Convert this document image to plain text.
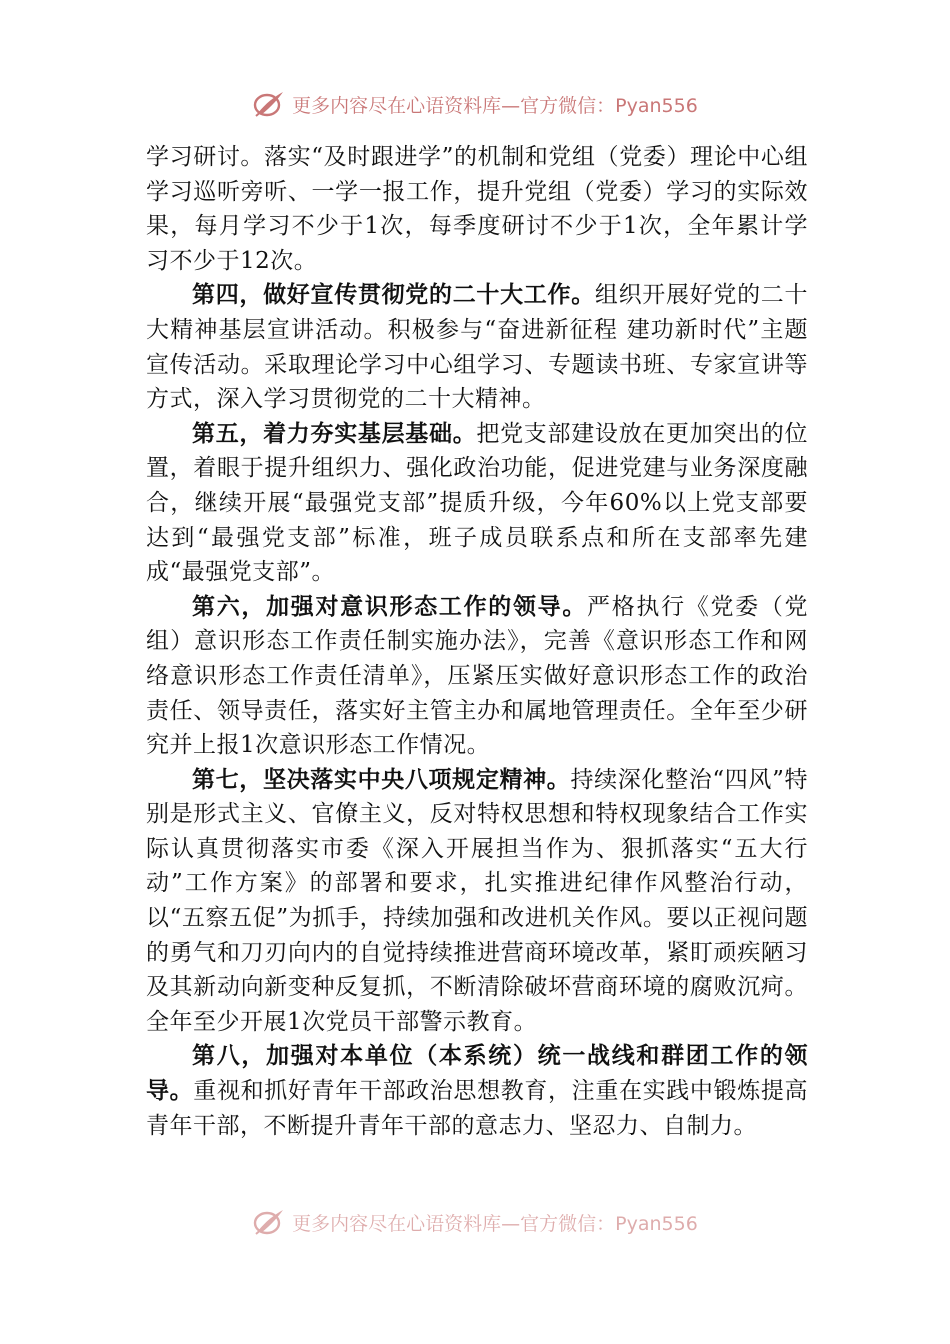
更多内容尽在心语资料库—官方微信：Pyan556

学习研讨。落实“及时跟进学”的机制和党组（党委）理论中心组学习巡听旁听、一学一报工作，提升党组（党委）学习的实际效果，每月学习不少于1次，每季度研讨不少于1次，全年累计学习不少于12次。

第四，做好宣传贯彻党的二十大工作。组织开展好党的二十大精神基层宣讲活动。积极参与“奋进新征程 建功新时代”主题宣传活动。采取理论学习中心组学习、专题读书班、专家宣讲等方式，深入学习贯彻党的二十大精神。

第五，着力夯实基层基础。把党支部建设放在更加突出的位置，着眼于提升组织力、强化政治功能，促进党建与业务深度融合，继续开展“最强党支部”提质升级，今年60%以上党支部要达到“最强党支部”标准，班子成员联系点和所在支部率先建成“最强党支部”。

第六，加强对意识形态工作的领导。严格执行《党委（党组）意识形态工作责任制实施办法》，完善《意识形态工作和网络意识形态工作责任清单》，压紧压实做好意识形态工作的政治责任、领导责任，落实好主管主办和属地管理责任。全年至少研究并上报1次意识形态工作情况。

第七，坚决落实中央八项规定精神。持续深化整治“四风”特别是形式主义、官僚主义，反对特权思想和特权现象结合工作实际认真贯彻落实市委《深入开展担当作为、狠抓落实“五大行动”工作方案》的部署和要求，扎实推进纪律作风整治行动，以“五察五促”为抓手，持续加强和改进机关作风。要以正视问题的勇气和刀刃向内的自觉持续推进营商环境改革，紧盯顽疾陋习及其新动向新变种反复抓，不断清除破坏营商环境的腐败沉疴。全年至少开展1次党员干部警示教育。

第八，加强对本单位（本系统）统一战线和群团工作的领导。重视和抓好青年干部政治思想教育，注重在实践中锻炼提高青年干部，不断提升青年干部的意志力、坚忍力、自制力。

更多内容尽在心语资料库—官方微信：Pyan556
